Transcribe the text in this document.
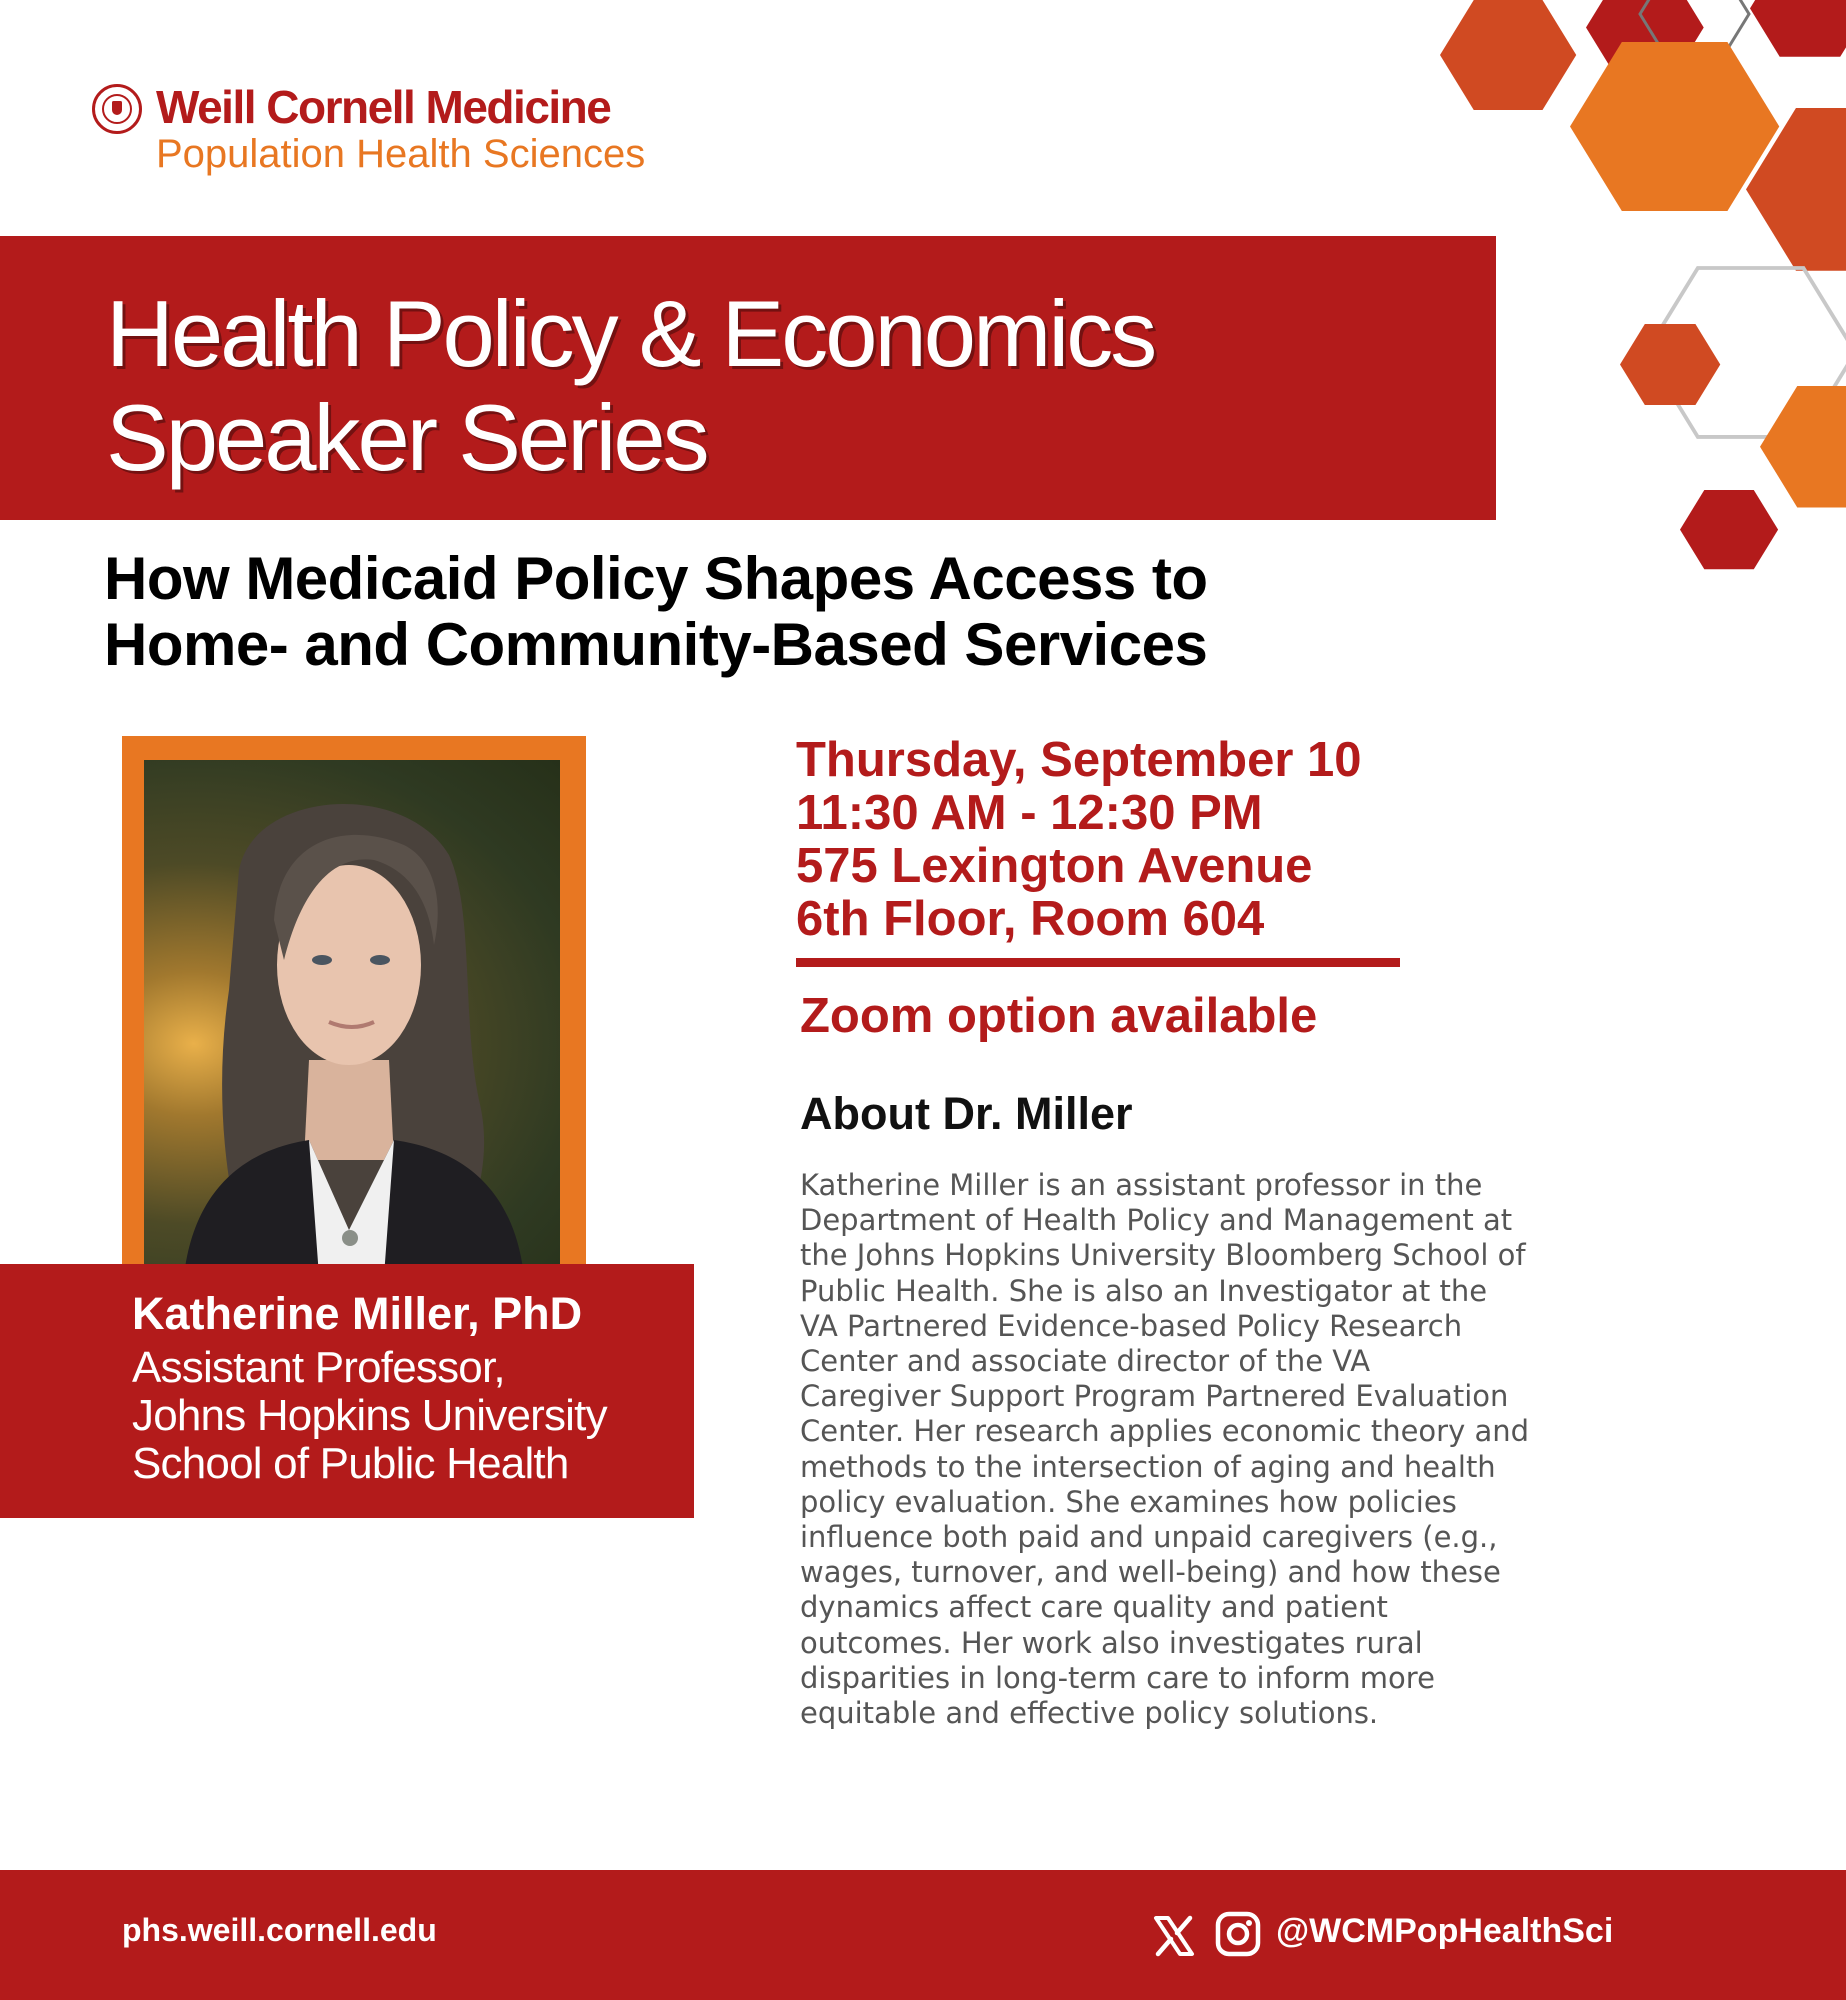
Weill Cornell Medicine
Population Health Sciences
Health Policy & Economics
Speaker Series
How Medicaid Policy Shapes Access to
Home- and Community-Based Services
Katherine Miller, PhD
Assistant Professor,
Johns Hopkins University
School of Public Health
Thursday, September 10
11:30 AM - 12:30 PM
575 Lexington Avenue
6th Floor, Room 604
Zoom option available
About Dr. Miller
Katherine Miller is an assistant professor in the
Department of Health Policy and Management at
the Johns Hopkins University Bloomberg School of
Public Health. She is also an Investigator at the
VA Partnered Evidence-based Policy Research
Center and associate director of the VA
Caregiver Support Program Partnered Evaluation
Center. Her research applies economic theory and
methods to the intersection of aging and health
policy evaluation. She examines how policies
influence both paid and unpaid caregivers (e.g.,
wages, turnover, and well-being) and how these
dynamics affect care quality and patient
outcomes. Her work also investigates rural
disparities in long-term care to inform more
equitable and effective policy solutions.
phs.weill.cornell.edu	@WCMPopHealthSci
